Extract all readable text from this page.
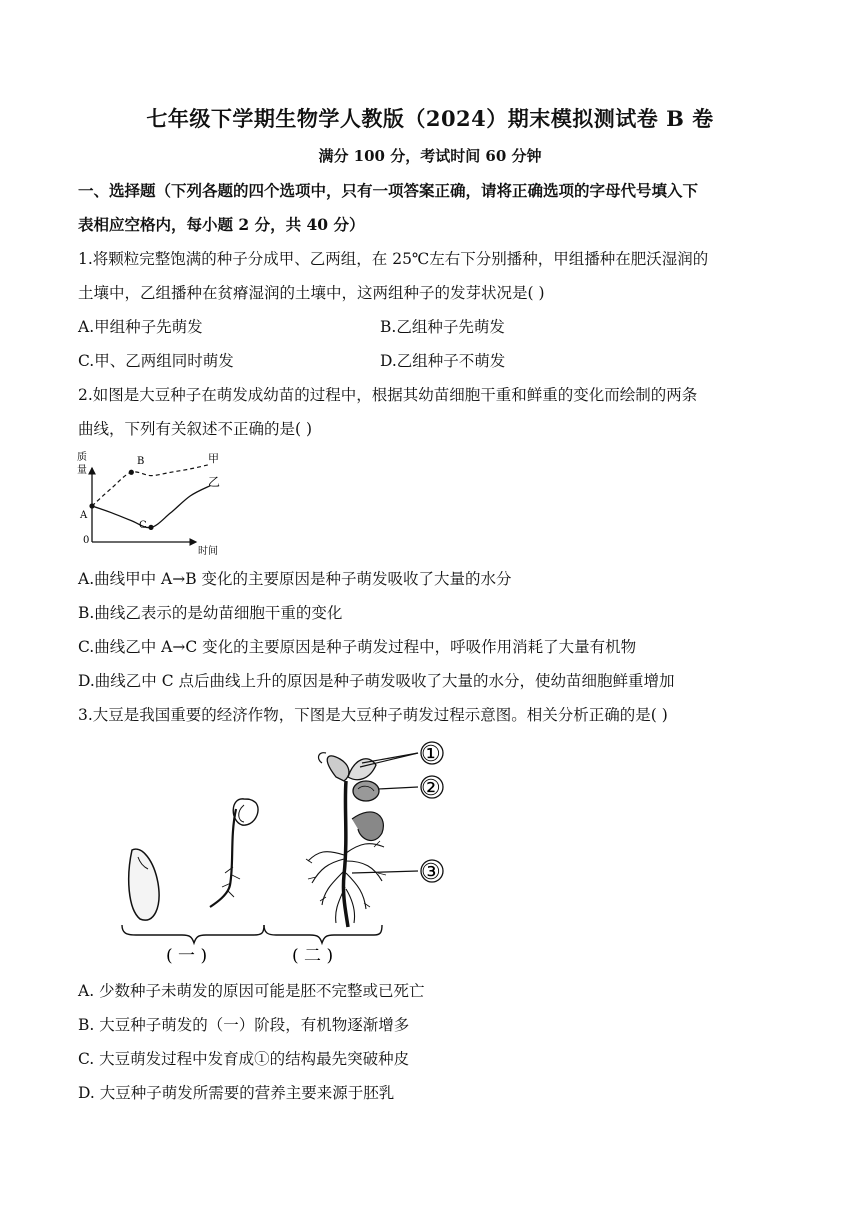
七年级下学期生物学人教版（2024）期末模拟测试卷 B 卷
满分 100 分，考试时间 60 分钟
一、选择题（下列各题的四个选项中，只有一项答案正确，请将正确选项的字母代号填入下
表相应空格内，每小题 2 分，共 40 分）
1.将颗粒完整饱满的种子分成甲、乙两组，在 25℃左右下分别播种，甲组播种在肥沃湿润的
土壤中，乙组播种在贫瘠湿润的土壤中，这两组种子的发芽状况是( )
A.甲组种子先萌发	B.乙组种子先萌发
C.甲、乙两组同时萌发	D.乙组种子不萌发
2.如图是大豆种子在萌发成幼苗的过程中，根据其幼苗细胞干重和鲜重的变化而绘制的两条
曲线，下列有关叙述不正确的是( )
质
量
时间
0
A
B
C
甲
乙
A.曲线甲中 A→B 变化的主要原因是种子萌发吸收了大量的水分
B.曲线乙表示的是幼苗细胞干重的变化
C.曲线乙中 A→C 变化的主要原因是种子萌发过程中，呼吸作用消耗了大量有机物
D.曲线乙中 C 点后曲线上升的原因是种子萌发吸收了大量的水分，使幼苗细胞鲜重增加
3.大豆是我国重要的经济作物，下图是大豆种子萌发过程示意图。相关分析正确的是( )
①
②
③
( 一 )	( 二 )
A. 少数种子未萌发的原因可能是胚不完整或已死亡
B. 大豆种子萌发的（一）阶段，有机物逐渐增多
C. 大豆萌发过程中发育成①的结构最先突破种皮
D. 大豆种子萌发所需要的营养主要来源于胚乳
